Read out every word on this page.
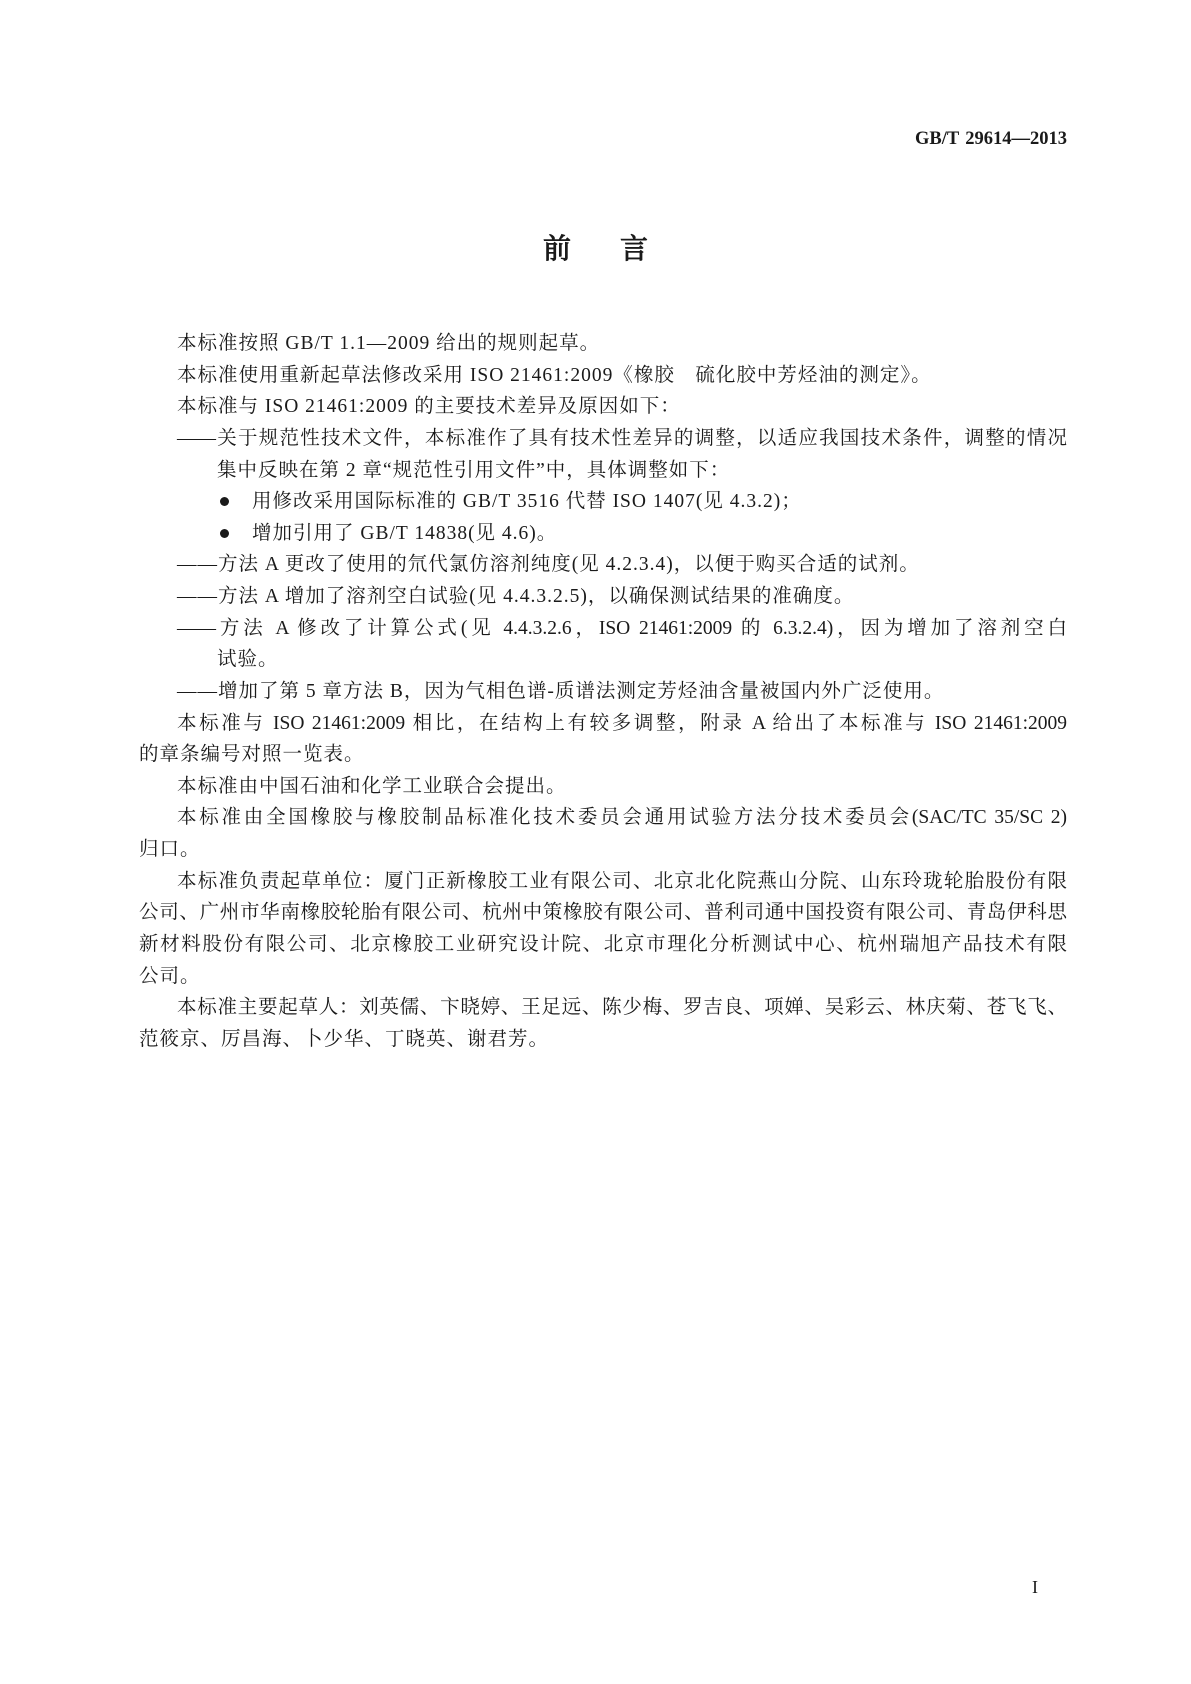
GB/T 29614—2013
前　言
本标准按照 GB/T 1.1—2009 给出的规则起草。
本标准使用重新起草法修改采用 ISO 21461:2009《橡胶　硫化胶中芳烃油的测定》。
本标准与 ISO 21461:2009 的主要技术差异及原因如下：
——关于规范性技术文件，本标准作了具有技术性差异的调整，以适应我国技术条件，调整的情况
集中反映在第 2 章“规范性引用文件”中，具体调整如下：
用修改采用国际标准的 GB/T 3516 代替 ISO 1407(见 4.3.2)；
增加引用了 GB/T 14838(见 4.6)。
——方法 A 更改了使用的氘代氯仿溶剂纯度(见 4.2.3.4)，以便于购买合适的试剂。
——方法 A 增加了溶剂空白试验(见 4.4.3.2.5)，以确保测试结果的准确度。
——方法 A 修改了计算公式(见 4.4.3.2.6，ISO 21461:2009 的 6.3.2.4)，因为增加了溶剂空白
试验。
——增加了第 5 章方法 B，因为气相色谱-质谱法测定芳烃油含量被国内外广泛使用。
本标准与 ISO 21461:2009 相比，在结构上有较多调整，附录 A 给出了本标准与 ISO 21461:2009
的章条编号对照一览表。
本标准由中国石油和化学工业联合会提出。
本标准由全国橡胶与橡胶制品标准化技术委员会通用试验方法分技术委员会(SAC/TC 35/SC 2)
归口。
本标准负责起草单位：厦门正新橡胶工业有限公司、北京北化院燕山分院、山东玲珑轮胎股份有限
公司、广州市华南橡胶轮胎有限公司、杭州中策橡胶有限公司、普利司通中国投资有限公司、青岛伊科思
新材料股份有限公司、北京橡胶工业研究设计院、北京市理化分析测试中心、杭州瑞旭产品技术有限
公司。
本标准主要起草人：刘英儒、卞晓婷、王足远、陈少梅、罗吉良、项婵、吴彩云、林庆菊、苍飞飞、
范筱京、厉昌海、卜少华、丁晓英、谢君芳。
I
